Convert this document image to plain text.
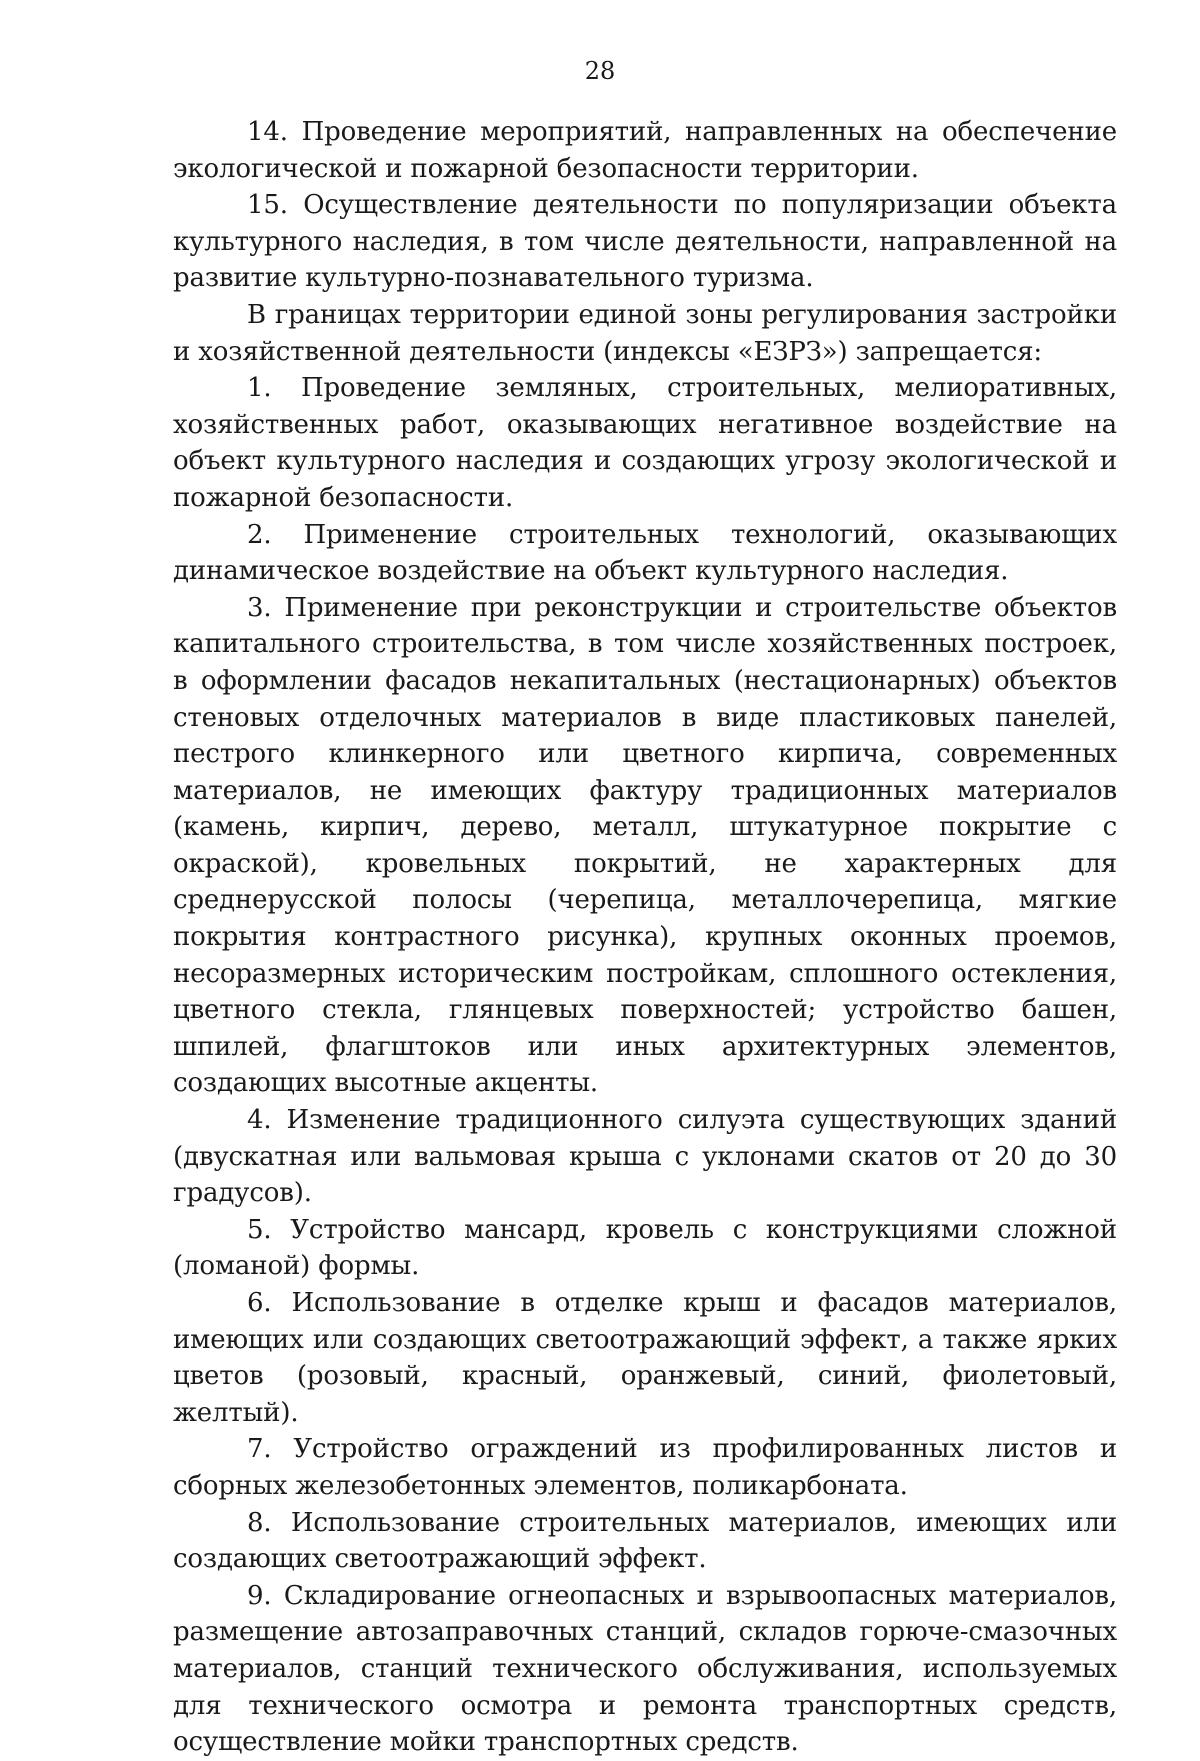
28

14. Проведение мероприятий, направленных на обеспечение экологической и пожарной безопасности территории.

15. Осуществление деятельности по популяризации объекта культурного наследия, в том числе деятельности, направленной на развитие культурно-познавательного туризма.

В границах территории единой зоны регулирования застройки и хозяйственной деятельности (индексы «ЕЗРЗ») запрещается:

1. Проведение земляных, строительных, мелиоративных, хозяйственных работ, оказывающих негативное воздействие на объект культурного наследия и создающих угрозу экологической и пожарной безопасности.

2. Применение строительных технологий, оказывающих динамическое воздействие на объект культурного наследия.

3. Применение при реконструкции и строительстве объектов капитального строительства, в том числе хозяйственных построек, в оформлении фасадов некапитальных (нестационарных) объектов стеновых отделочных материалов в виде пластиковых панелей, пестрого клинкерного или цветного кирпича, современных материалов, не имеющих фактуру традиционных материалов (камень, кирпич, дерево, металл, штукатурное покрытие с окраской), кровельных покрытий, не характерных для среднерусской полосы (черепица, металлочерепица, мягкие покрытия контрастного рисунка), крупных оконных проемов, несоразмерных историческим постройкам, сплошного остекления, цветного стекла, глянцевых поверхностей; устройство башен, шпилей, флагштоков или иных архитектурных элементов, создающих высотные акценты.

4. Изменение традиционного силуэта существующих зданий (двускатная или вальмовая крыша с уклонами скатов от 20 до 30 градусов).

5. Устройство мансард, кровель с конструкциями сложной (ломаной) формы.

6. Использование в отделке крыш и фасадов материалов, имеющих или создающих светоотражающий эффект, а также ярких цветов (розовый, красный, оранжевый, синий, фиолетовый, желтый).

7. Устройство ограждений из профилированных листов и сборных железобетонных элементов, поликарбоната.

8. Использование строительных материалов, имеющих или создающих светоотражающий эффект.

9. Складирование огнеопасных и взрывоопасных материалов, размещение автозаправочных станций, складов горюче-смазочных материалов, станций технического обслуживания, используемых для технического осмотра и ремонта транспортных средств, осуществление мойки транспортных средств.
